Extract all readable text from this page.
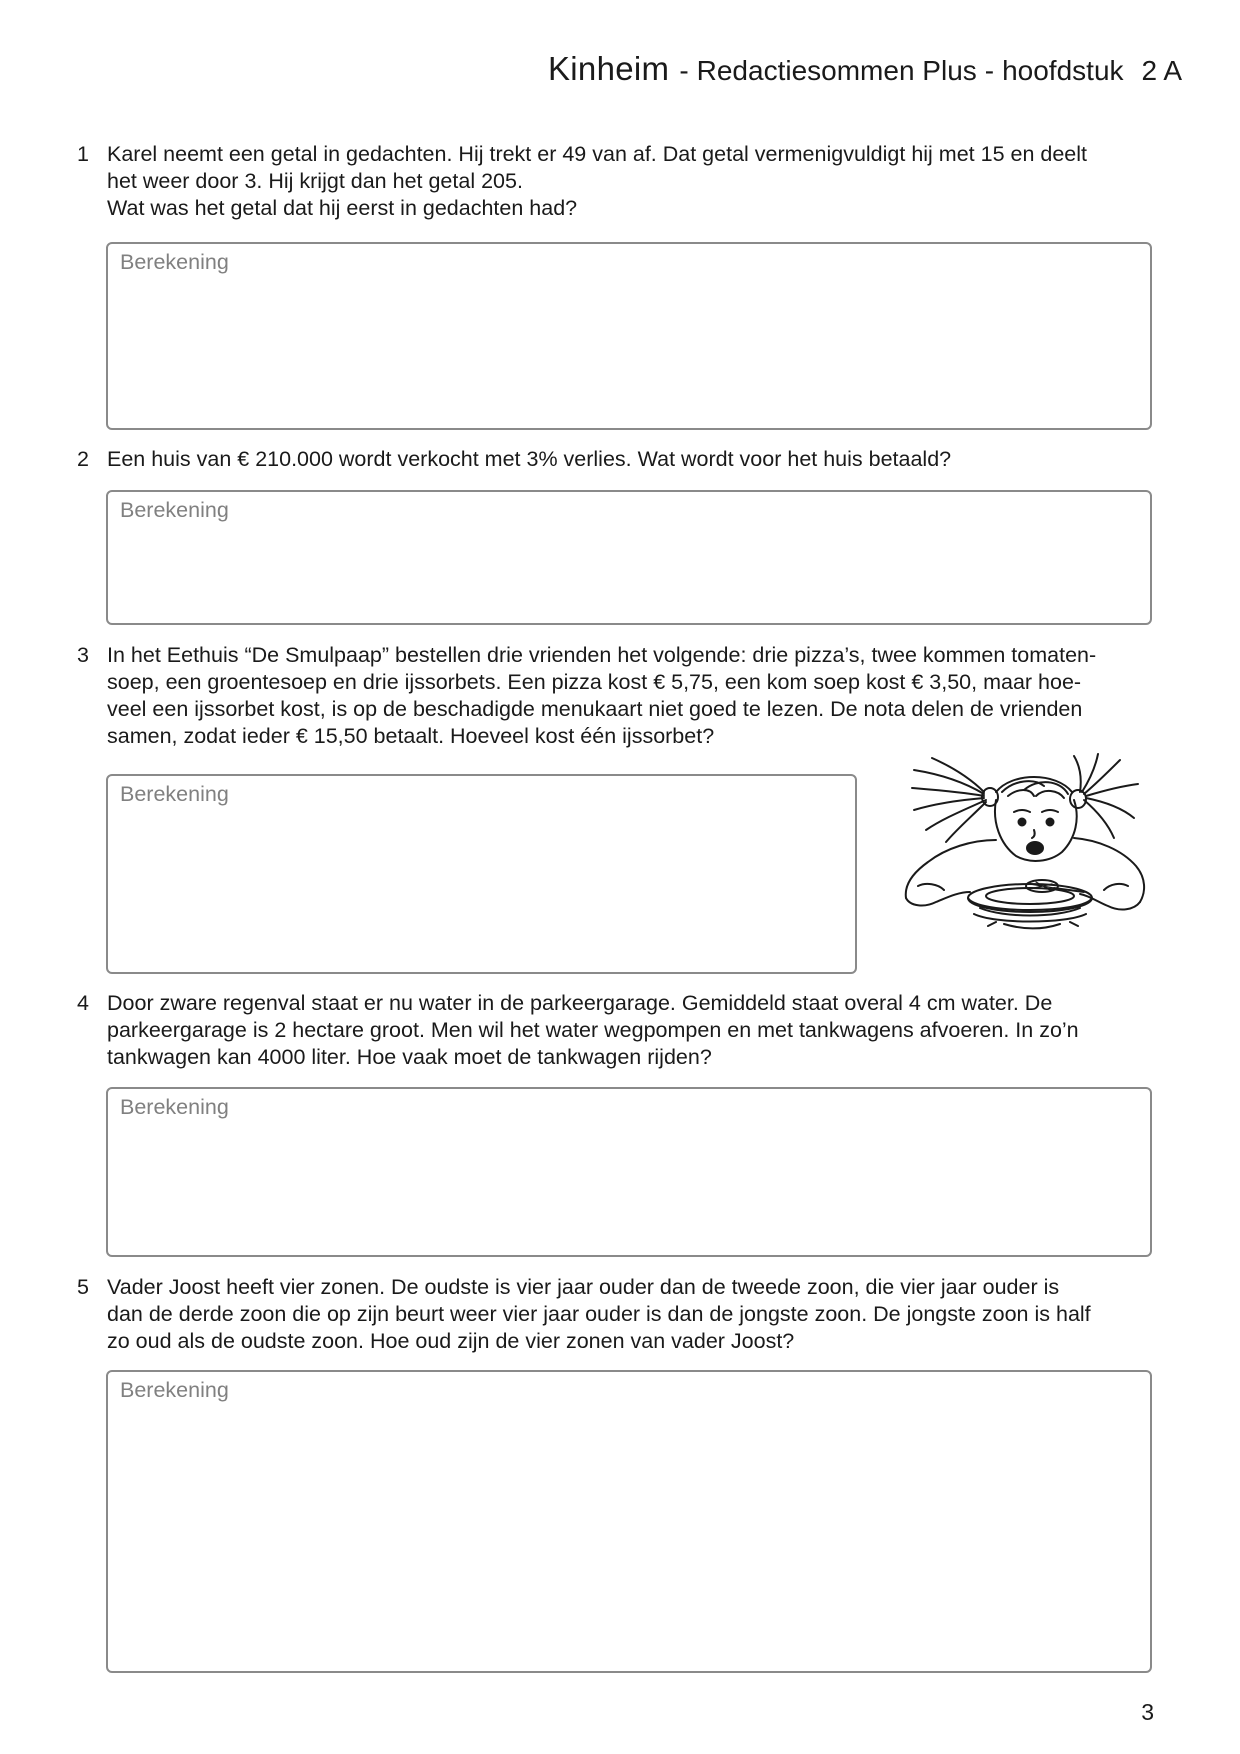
Kinheim - Redactiesommen Plus - hoofdstuk 2 A
1 Karel neemt een getal in gedachten. Hij trekt er 49 van af. Dat getal vermenigvuldigt hij met 15 en deelt
het weer door 3. Hij krijgt dan het getal 205.
Wat was het getal dat hij eerst in gedachten had?
Berekening
2 Een huis van € 210.000 wordt verkocht met 3% verlies. Wat wordt voor het huis betaald?
Berekening
3 In het Eethuis “De Smulpaap” bestellen drie vrienden het volgende: drie pizza’s, twee kommen tomaten-
soep, een groentesoep en drie ijssorbets. Een pizza kost € 5,75, een kom soep kost € 3,50, maar hoe-
veel een ijssorbet kost, is op de beschadigde menukaart niet goed te lezen. De nota delen de vrienden
samen, zodat ieder € 15,50 betaalt. Hoeveel kost één ijssorbet?
Berekening
4 Door zware regenval staat er nu water in de parkeergarage. Gemiddeld staat overal 4 cm water. De
parkeergarage is 2 hectare groot. Men wil het water wegpompen en met tankwagens afvoeren. In zo’n
tankwagen kan 4000 liter. Hoe vaak moet de tankwagen rijden?
Berekening
5 Vader Joost heeft vier zonen. De oudste is vier jaar ouder dan de tweede zoon, die vier jaar ouder is
dan de derde zoon die op zijn beurt weer vier jaar ouder is dan de jongste zoon. De jongste zoon is half
zo oud als de oudste zoon. Hoe oud zijn de vier zonen van vader Joost?
Berekening
3
